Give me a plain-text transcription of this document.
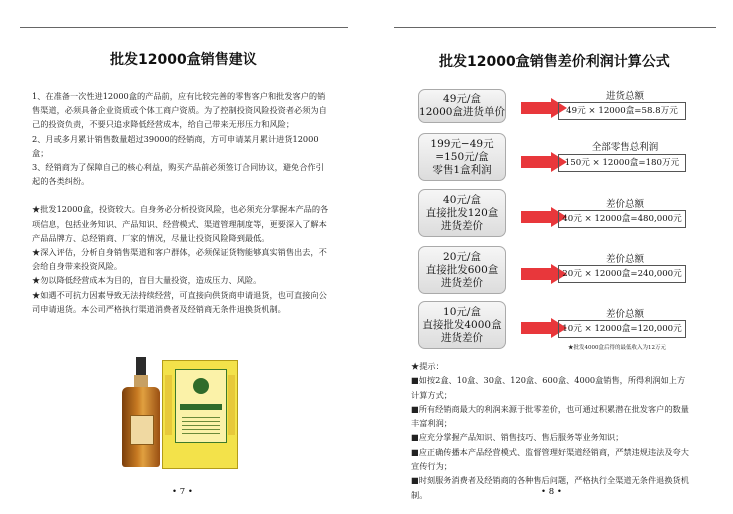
批发12000盒销售建议

1、在准备一次性进12000盒的产品前，应有比较完善的零售客户和批发客户的销售渠道，必须具备企业资质或个体工商户资质。为了控制投资风险投资者必须为自己的投资负责，不要只追求降低经营成本，给自己带来无形压力和风险；

2、月或多月累计销售数量超过39000的经销商，方可申请某月累计进货12000盒；

3、经销商为了保障自己的核心利益，购买产品前必须签订合同协议，避免合作引起的各类纠纷。

★批发12000盒，投资较大。自身务必分析投资风险，也必须充分掌握本产品的各项信息，包括业务知识、产品知识、经营模式、渠道管理制度等，更要深入了解本产品品牌方、总经销商、厂家的情况，尽量让投资风险降到最低。

★深入评估，分析自身销售渠道和客户群体，必须保证货物能够真实销售出去，不会给自身带来投资风险。

★勿以降低经营成本为目的，盲目大量投资，造成压力、风险。

★如遇不可抗力因素导致无法持续经营，可直接向供货商申请退货，也可直接向公司申请退货。本公司严格执行渠道消费者及经销商无条件退换货机制。

• 7 •
批发12000盒销售差价利润计算公式
49元/盒
12000盒进货单价
进货总额
49元 × 12000盒=58.8万元
199元−49元
=150元/盒
零售1盒利润
全部零售总利润
150元 × 12000盒=180万元
40元/盒
直接批发120盒
进货差价
差价总额
40元 × 12000盒=480,000元
20元/盒
直接批发600盒
进货差价
差价总额
20元 × 12000盒=240,000元
10元/盒
直接批发4000盒
进货差价
差价总额
10元 × 12000盒=120,000元
★批发4000盒后得的最低收入为12万元

★提示：

■如按2盒、10盒、30盒、120盒、600盒、4000盒销售，所得利润如上方计算方式；

■所有经销商最大的利润来源于批零差价，也可通过积累潜在批发客户的数量丰富利润；

■应充分掌握产品知识、销售技巧、售后服务等业务知识；

■应正确传播本产品经营模式、监督管理好渠道经销商，严禁违规违法及夸大宣传行为；

■时刻服务消费者及经销商的各种售后问题，严格执行全渠道无条件退换货机制。	• 8 •
